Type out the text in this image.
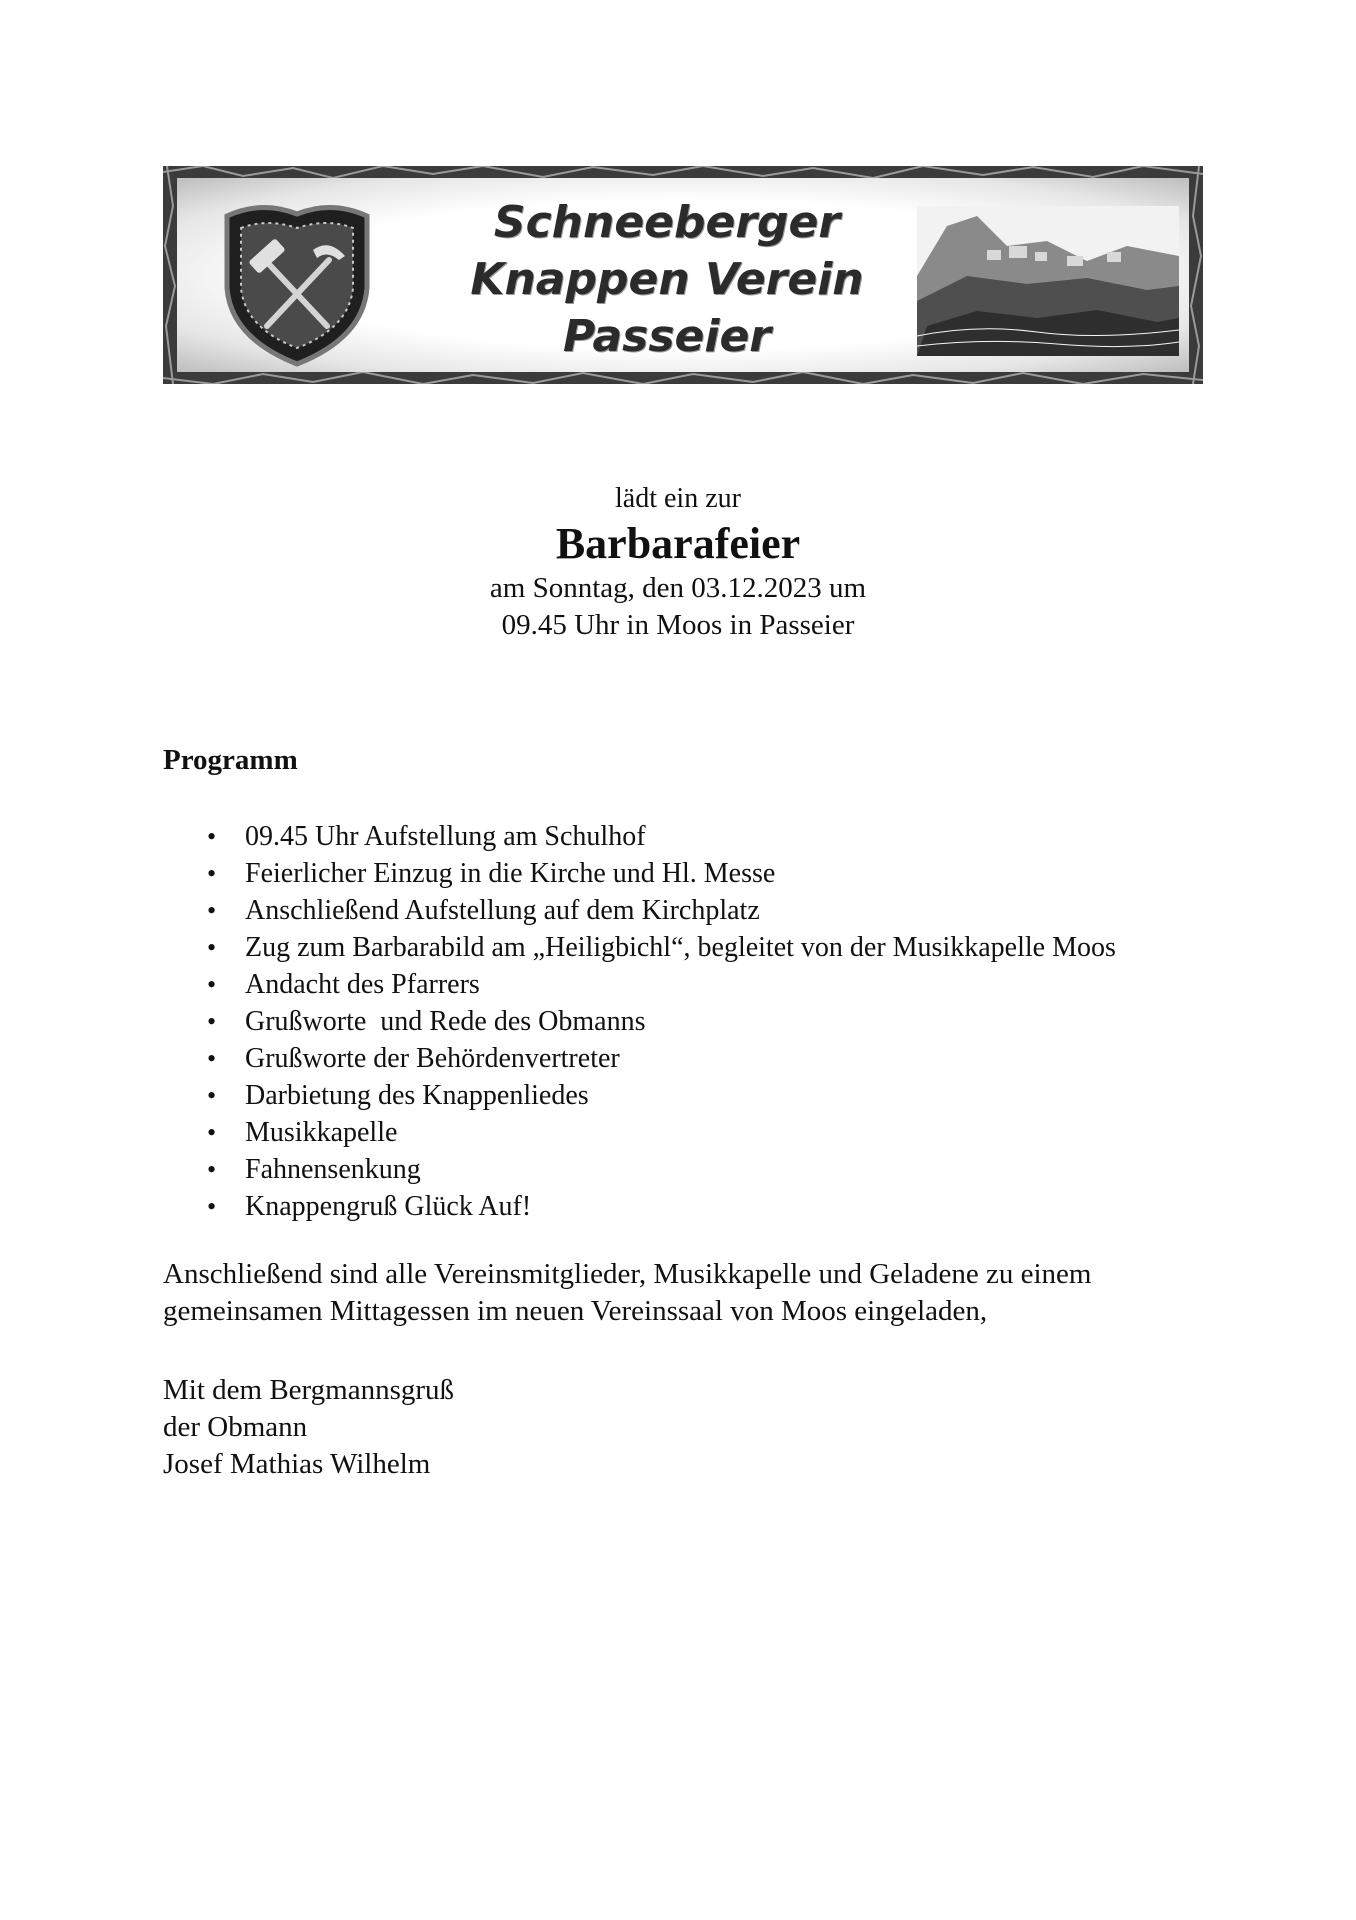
Schneeberger
Knappen Verein
Passeier
lädt ein zur
Barbarafeier
am Sonntag, den 03.12.2023 um
09.45 Uhr in Moos in Passeier
Programm
• 09.45 Uhr Aufstellung am Schulhof
• Feierlicher Einzug in die Kirche und Hl. Messe
• Anschließend Aufstellung auf dem Kirchplatz
• Zug zum Barbarabild am „Heiligbichl“, begleitet von der Musikkapelle Moos
• Andacht des Pfarrers
• Grußworte  und Rede des Obmanns
• Grußworte der Behördenvertreter
• Darbietung des Knappenliedes
• Musikkapelle
• Fahnensenkung
• Knappengruß Glück Auf!
Anschließend sind alle Vereinsmitglieder, Musikkapelle und Geladene zu einem gemeinsamen Mittagessen im neuen Vereinssaal von Moos eingeladen,
Mit dem Bergmannsgruß
der Obmann
Josef Mathias Wilhelm
